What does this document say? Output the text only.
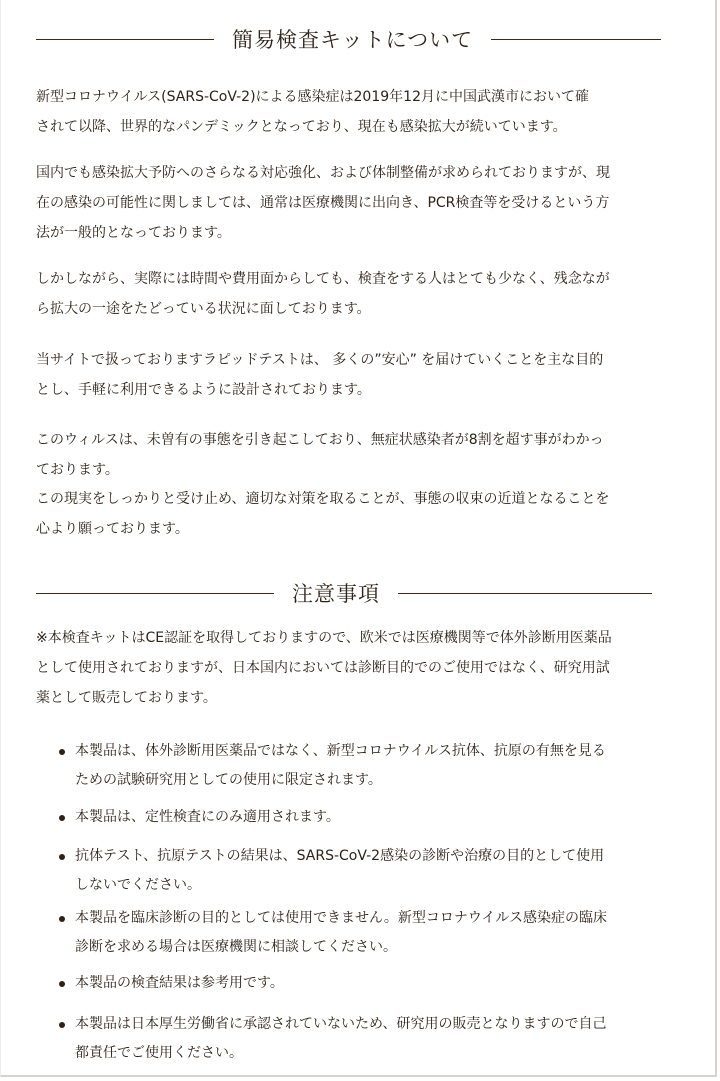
簡易検査キットについて

新型コロナウイルス(SARS-CoV-2)による感染症は2019年12月に中国武漢市において確
されて以降、世界的なパンデミックとなっており、現在も感染拡大が続いています。

国内でも感染拡大予防へのさらなる対応強化、および体制整備が求められておりますが、現
在の感染の可能性に関しましては、通常は医療機関に出向き、PCR検査等を受けるという方
法が一般的となっております。

しかしながら、実際には時間や費用面からしても、検査をする人はとても少なく、残念なが
ら拡大の一途をたどっている状況に面しております。

当サイトで扱っておりますラピッドテストは、 多くの”安心” を届けていくことを主な目的
とし、手軽に利用できるように設計されております。

このウィルスは、未曽有の事態を引き起こしており、無症状感染者が8割を超す事がわかっ
ております。

この現実をしっかりと受け止め、適切な対策を取ることが、事態の収束の近道となることを
心より願っております。

注意事項

※本検査キットはCE認証を取得しておりますので、欧米では医療機関等で体外診断用医薬品
として使用されておりますが、日本国内においては診断目的でのご使用ではなく、研究用試
薬として販売しております。

本製品は、体外診断用医薬品ではなく、新型コロナウイルス抗体、抗原の有無を見る
ための試験研究用としての使用に限定されます。
本製品は、定性検査にのみ適用されます。
抗体テスト、抗原テストの結果は、SARS-CoV-2感染の診断や治療の目的として使用
しないでください。
本製品を臨床診断の目的としては使用できません。新型コロナウイルス感染症の臨床
診断を求める場合は医療機関に相談してください。
本製品の検査結果は参考用です。
本製品は日本厚生労働省に承認されていないため、研究用の販売となりますので自己
都責任でご使用ください。
